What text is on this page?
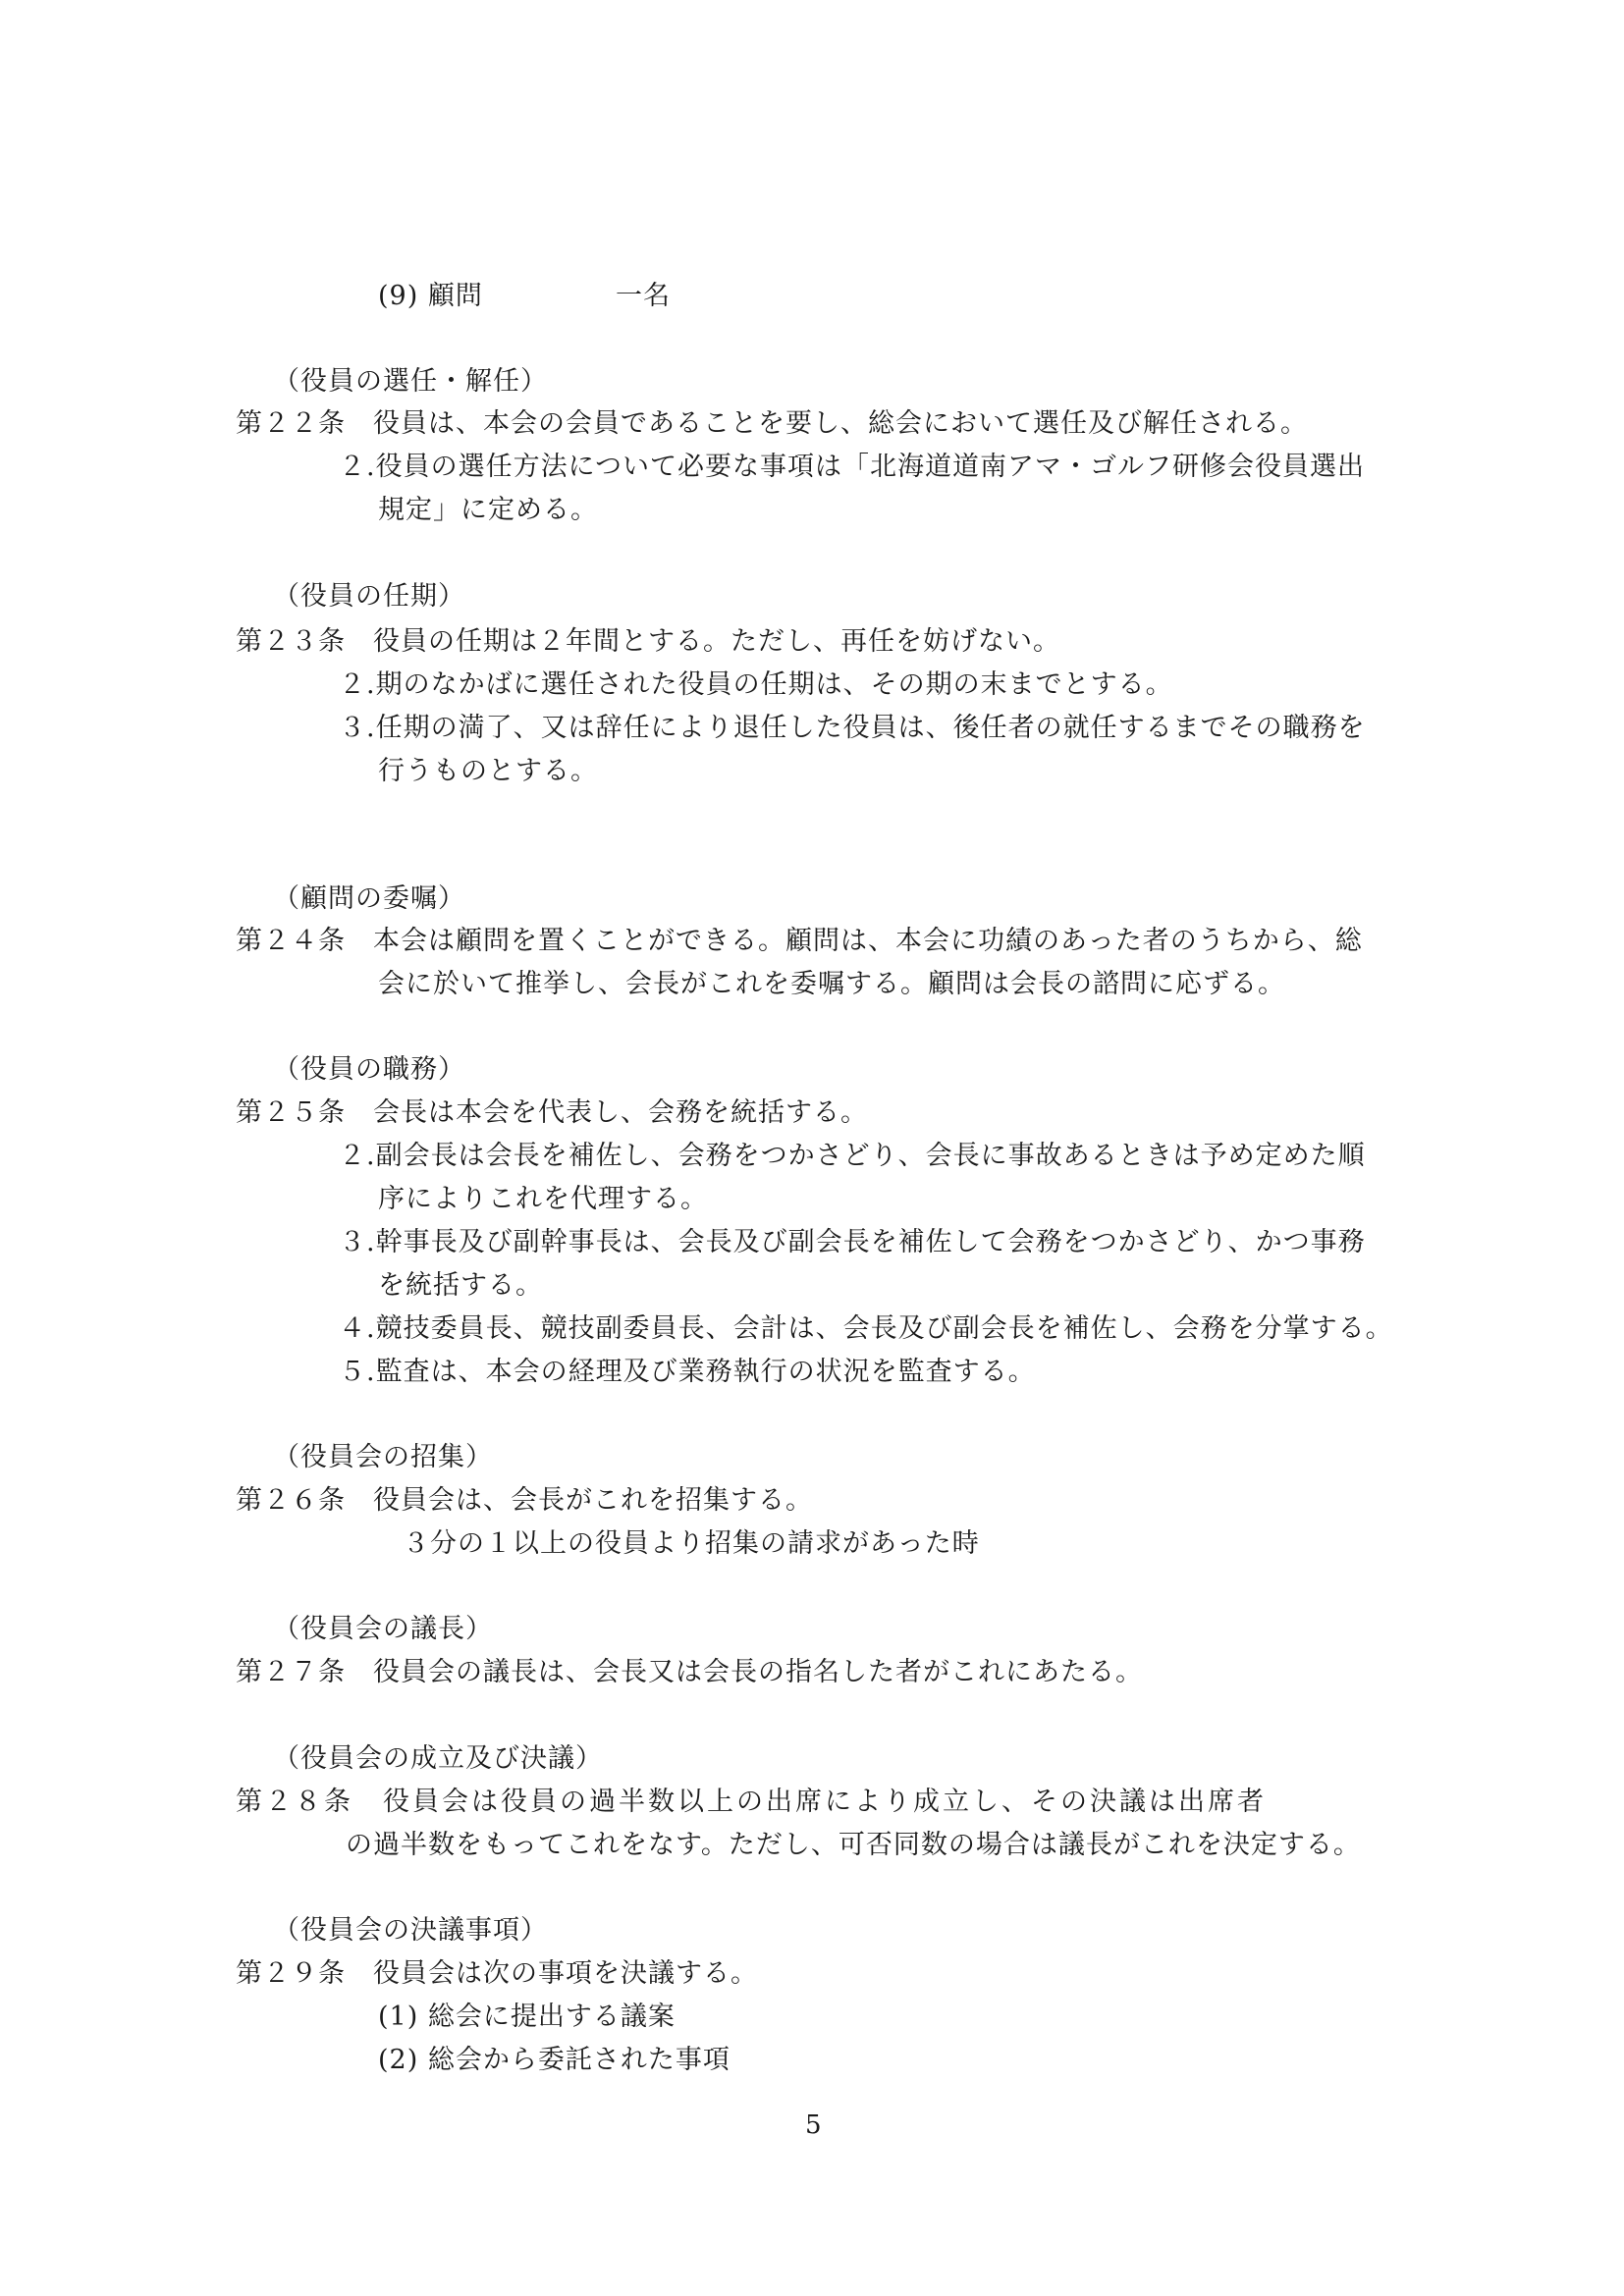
(9) 顧問	一名
（役員の選任・解任）
第２２条　役員は、本会の会員であることを要し、総会において選任及び解任される。
２.役員の選任方法について必要な事項は「北海道道南アマ・ゴルフ研修会役員選出
規定」に定める。
（役員の任期）
第２３条　役員の任期は２年間とする。ただし、再任を妨げない。
２.期のなかばに選任された役員の任期は、その期の末までとする。
３.任期の満了、又は辞任により退任した役員は、後任者の就任するまでその職務を
行うものとする。
（顧問の委嘱）
第２４条　本会は顧問を置くことができる。顧問は、本会に功績のあった者のうちから、総
会に於いて推挙し、会長がこれを委嘱する。顧問は会長の諮問に応ずる。
（役員の職務）
第２５条　会長は本会を代表し、会務を統括する。
２.副会長は会長を補佐し、会務をつかさどり、会長に事故あるときは予め定めた順
序によりこれを代理する。
３.幹事長及び副幹事長は、会長及び副会長を補佐して会務をつかさどり、かつ事務
を統括する。
４.競技委員長、競技副委員長、会計は、会長及び副会長を補佐し、会務を分掌する。
５.監査は、本会の経理及び業務執行の状況を監査する。
（役員会の招集）
第２６条　役員会は、会長がこれを招集する。
３分の１以上の役員より招集の請求があった時
（役員会の議長）
第２７条　役員会の議長は、会長又は会長の指名した者がこれにあたる。
（役員会の成立及び決議）
第２８条　役員会は役員の過半数以上の出席により成立し、その決議は出席者
の過半数をもってこれをなす。ただし、可否同数の場合は議長がこれを決定する。
（役員会の決議事項）
第２９条　役員会は次の事項を決議する。
(1) 総会に提出する議案
(2) 総会から委託された事項
5
